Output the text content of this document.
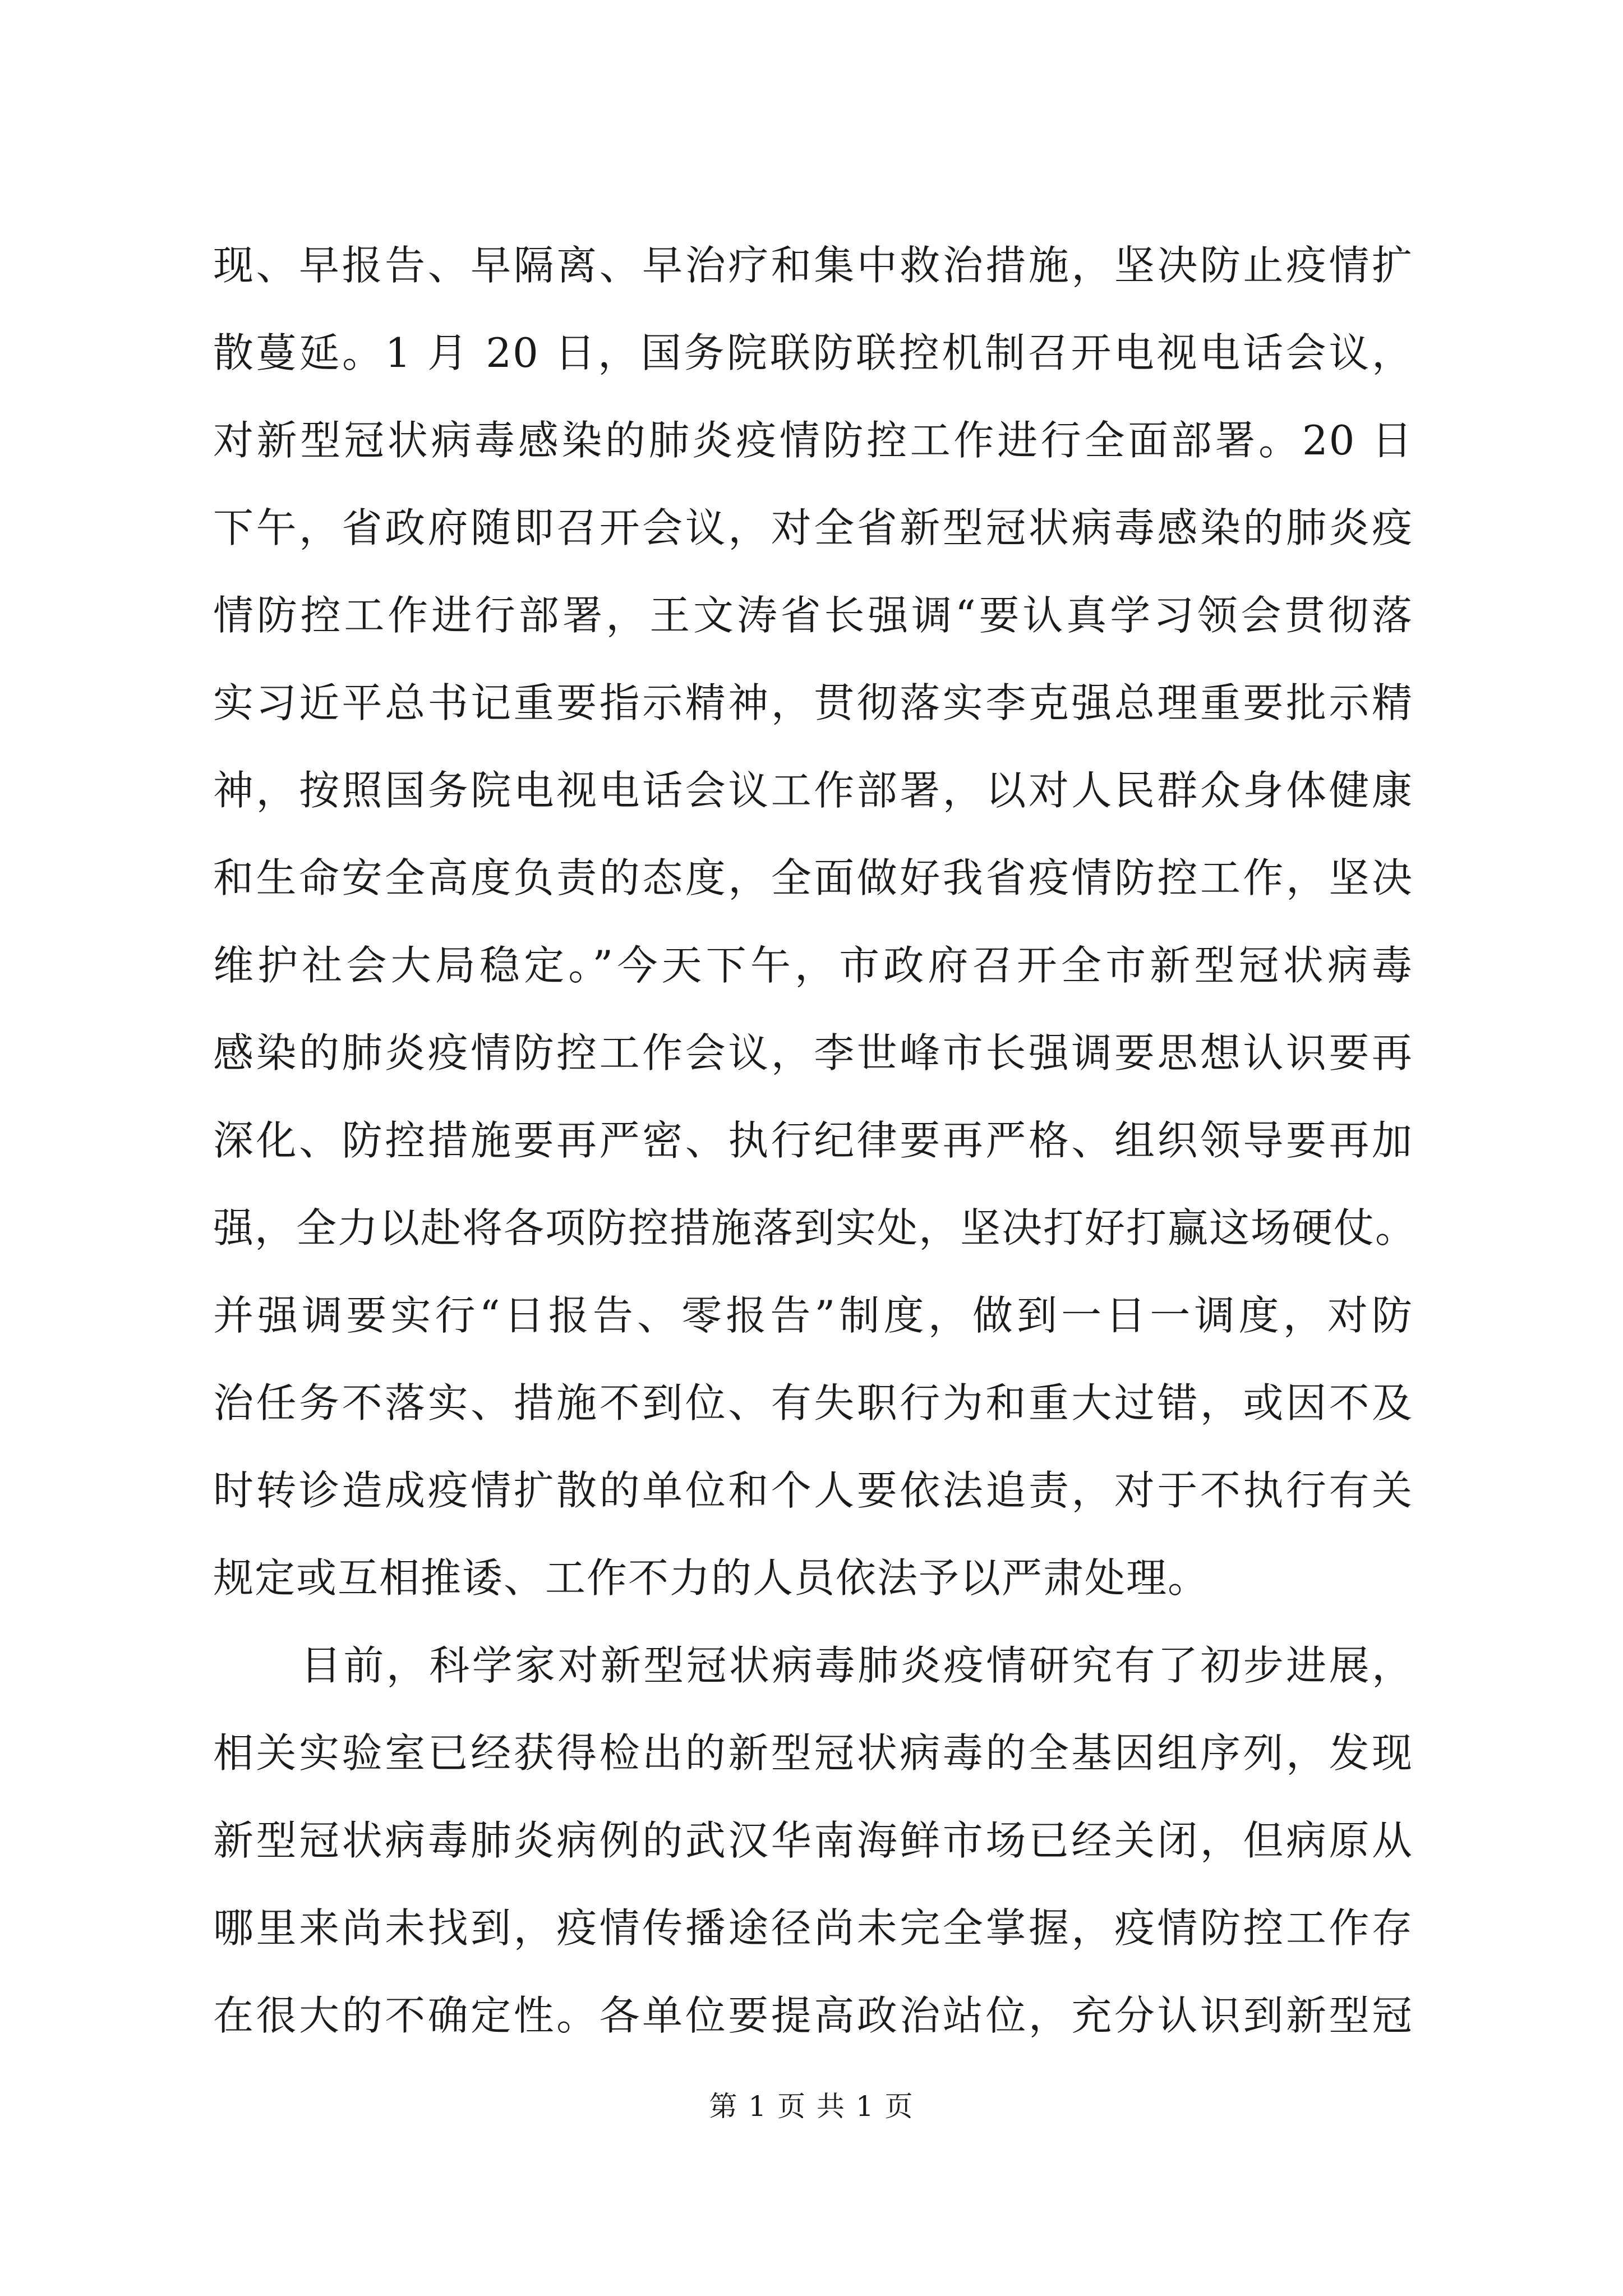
现、早报告、早隔离、早治疗和集中救治措施，坚决防止疫情扩
散蔓延。1 月 20 日，国务院联防联控机制召开电视电话会议，
对新型冠状病毒感染的肺炎疫情防控工作进行全面部署。20 日
下午，省政府随即召开会议，对全省新型冠状病毒感染的肺炎疫
情防控工作进行部署，王文涛省长强调“要认真学习领会贯彻落
实习近平总书记重要指示精神，贯彻落实李克强总理重要批示精
神，按照国务院电视电话会议工作部署，以对人民群众身体健康
和生命安全高度负责的态度，全面做好我省疫情防控工作，坚决
维护社会大局稳定。”今天下午，市政府召开全市新型冠状病毒
感染的肺炎疫情防控工作会议，李世峰市长强调要思想认识要再
深化、防控措施要再严密、执行纪律要再严格、组织领导要再加
强，全力以赴将各项防控措施落到实处，坚决打好打赢这场硬仗。
并强调要实行“日报告、零报告”制度，做到一日一调度，对防
治任务不落实、措施不到位、有失职行为和重大过错，或因不及
时转诊造成疫情扩散的单位和个人要依法追责，对于不执行有关
规定或互相推诿、工作不力的人员依法予以严肃处理。
目前，科学家对新型冠状病毒肺炎疫情研究有了初步进展，
相关实验室已经获得检出的新型冠状病毒的全基因组序列，发现
新型冠状病毒肺炎病例的武汉华南海鲜市场已经关闭，但病原从
哪里来尚未找到，疫情传播途径尚未完全掌握，疫情防控工作存
在很大的不确定性。各单位要提高政治站位，充分认识到新型冠
第 1 页 共 1 页
